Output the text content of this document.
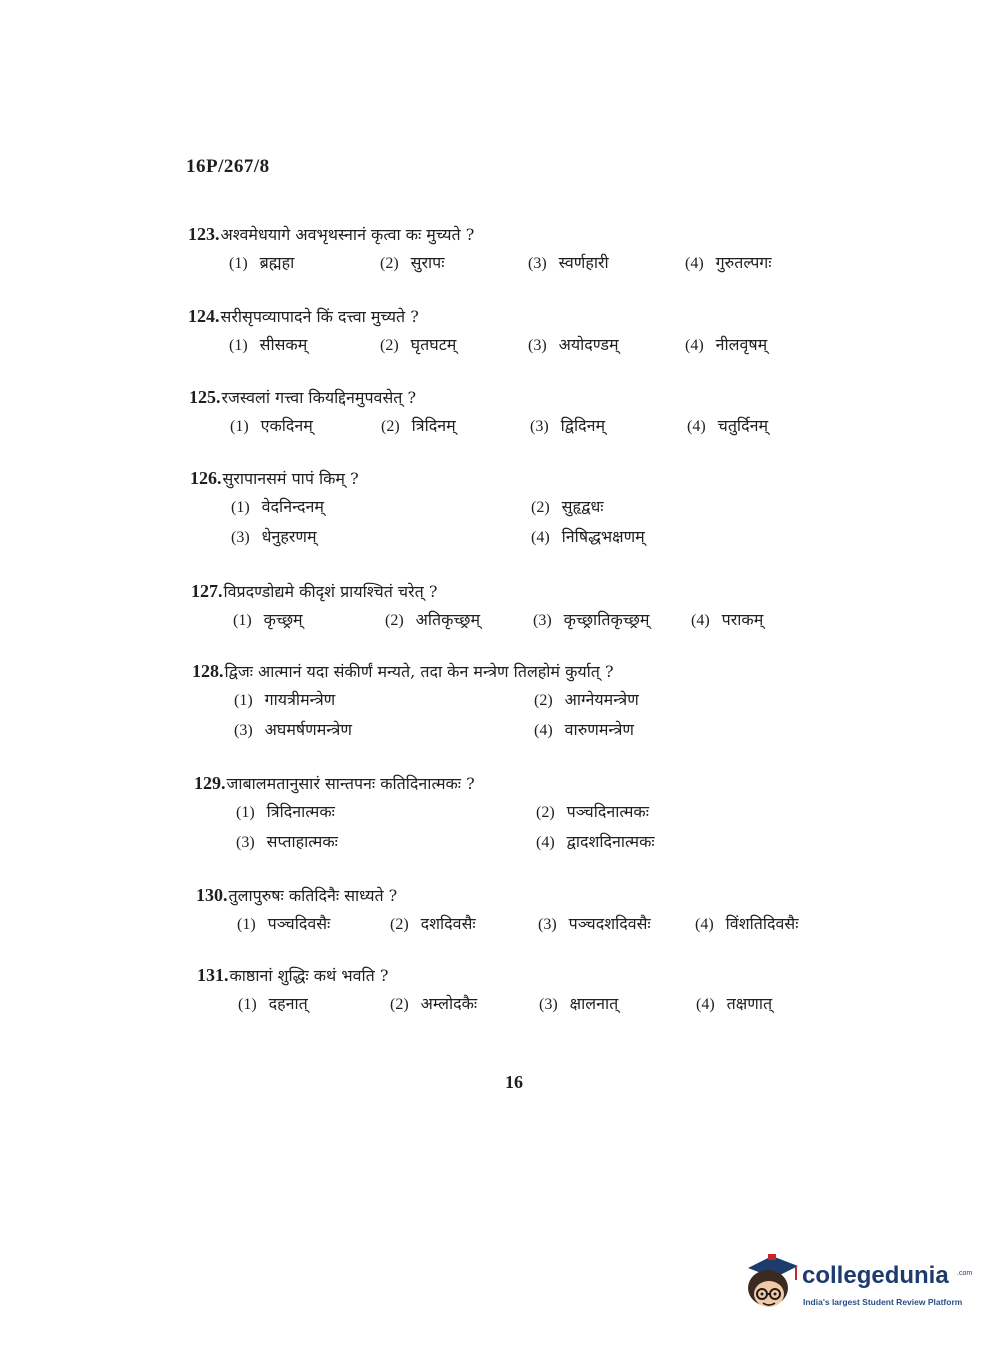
16P/267/8
123. अश्वमेधयागे अवभृथस्नानं कृत्वा कः मुच्यते ?
(1) ब्रह्महा	(2) सुरापः	(3) स्वर्णहारी	(4) गुरुतल्पगः
124. सरीसृपव्यापादने किं दत्त्वा मुच्यते ?
(1) सीसकम्	(2) घृतघटम्	(3) अयोदण्डम्	(4) नीलवृषम्
125. रजस्वलां गत्त्वा कियद्दिनमुपवसेत् ?
(1) एकदिनम्	(2) त्रिदिनम्	(3) द्विदिनम्	(4) चतुर्दिनम्
126. सुरापानसमं पापं किम् ?
(1) वेदनिन्दनम्	(2) सुहृद्वधः
(3) धेनुहरणम्	(4) निषिद्धभक्षणम्
127. विप्रदण्डोद्यमे कीदृशं प्रायश्चितं चरेत् ?
(1) कृच्छ्रम्	(2) अतिकृच्छ्रम्	(3) कृच्छ्रातिकृच्छ्रम्	(4) पराकम्
128. द्विजः आत्मानं यदा संकीर्णं मन्यते, तदा केन मन्त्रेण तिलहोमं कुर्यात् ?
(1) गायत्रीमन्त्रेण	(2) आग्नेयमन्त्रेण
(3) अघमर्षणमन्त्रेण	(4) वारुणमन्त्रेण
129. जाबालमतानुसारं सान्तपनः कतिदिनात्मकः ?
(1) त्रिदिनात्मकः	(2) पञ्चदिनात्मकः
(3) सप्ताहात्मकः	(4) द्वादशदिनात्मकः
130. तुलापुरुषः कतिदिनैः साध्यते ?
(1) पञ्चदिवसैः	(2) दशदिवसैः	(3) पञ्चदशदिवसैः	(4) विंशतिदिवसैः
131. काष्ठानां शुद्धिः कथं भवति ?
(1) दहनात्	(2) अम्लोदकैः	(3) क्षालनात्	(4) तक्षणात्
16
collegedunia .com
India's largest Student Review Platform
